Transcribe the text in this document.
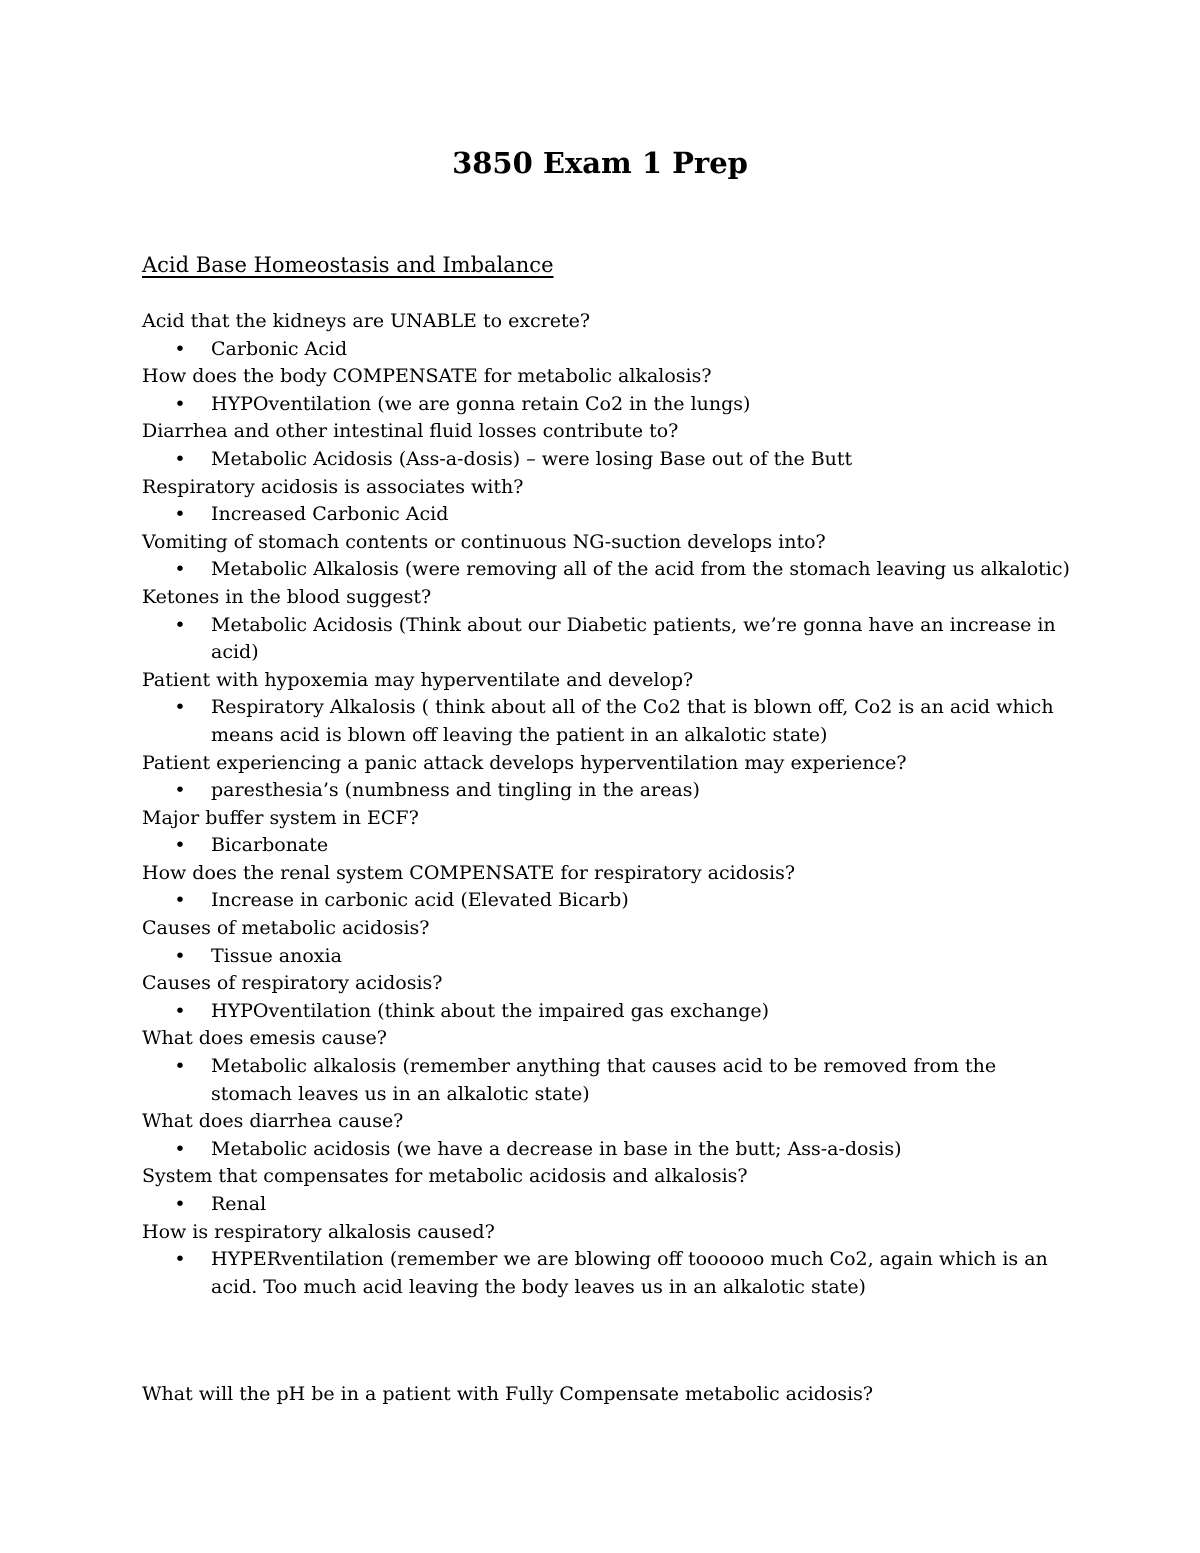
3850 Exam 1 Prep
Acid Base Homeostasis and Imbalance

Acid that the kidneys are UNABLE to excrete?

• Carbonic Acid

How does the body COMPENSATE for metabolic alkalosis?

• HYPOventilation (we are gonna retain Co2 in the lungs)

Diarrhea and other intestinal fluid losses contribute to?

• Metabolic Acidosis (Ass-a-dosis) – were losing Base out of the Butt

Respiratory acidosis is associates with?

• Increased Carbonic Acid

Vomiting of stomach contents or continuous NG-suction develops into?

• Metabolic Alkalosis (were removing all of the acid from the stomach leaving us alkalotic)

Ketones in the blood suggest?

• Metabolic Acidosis (Think about our Diabetic patients, we’re gonna have an increase in acid)

Patient with hypoxemia may hyperventilate and develop?

• Respiratory Alkalosis ( think about all of the Co2 that is blown off, Co2 is an acid which means acid is blown off leaving the patient in an alkalotic state)

Patient experiencing a panic attack develops hyperventilation may experience?

• paresthesia’s (numbness and tingling in the areas)

Major buffer system in ECF?

• Bicarbonate

How does the renal system COMPENSATE for respiratory acidosis?

• Increase in carbonic acid (Elevated Bicarb)

Causes of metabolic acidosis?

• Tissue anoxia

Causes of respiratory acidosis?

• HYPOventilation (think about the impaired gas exchange)

What does emesis cause?

• Metabolic alkalosis (remember anything that causes acid to be removed from the stomach leaves us in an alkalotic state)

What does diarrhea cause?

• Metabolic acidosis (we have a decrease in base in the butt; Ass-a-dosis)

System that compensates for metabolic acidosis and alkalosis?

• Renal

How is respiratory alkalosis caused?

• HYPERventilation (remember we are blowing off toooooo much Co2, again which is an acid. Too much acid leaving the body leaves us in an alkalotic state)
What will the pH be in a patient with Fully Compensate metabolic acidosis?
